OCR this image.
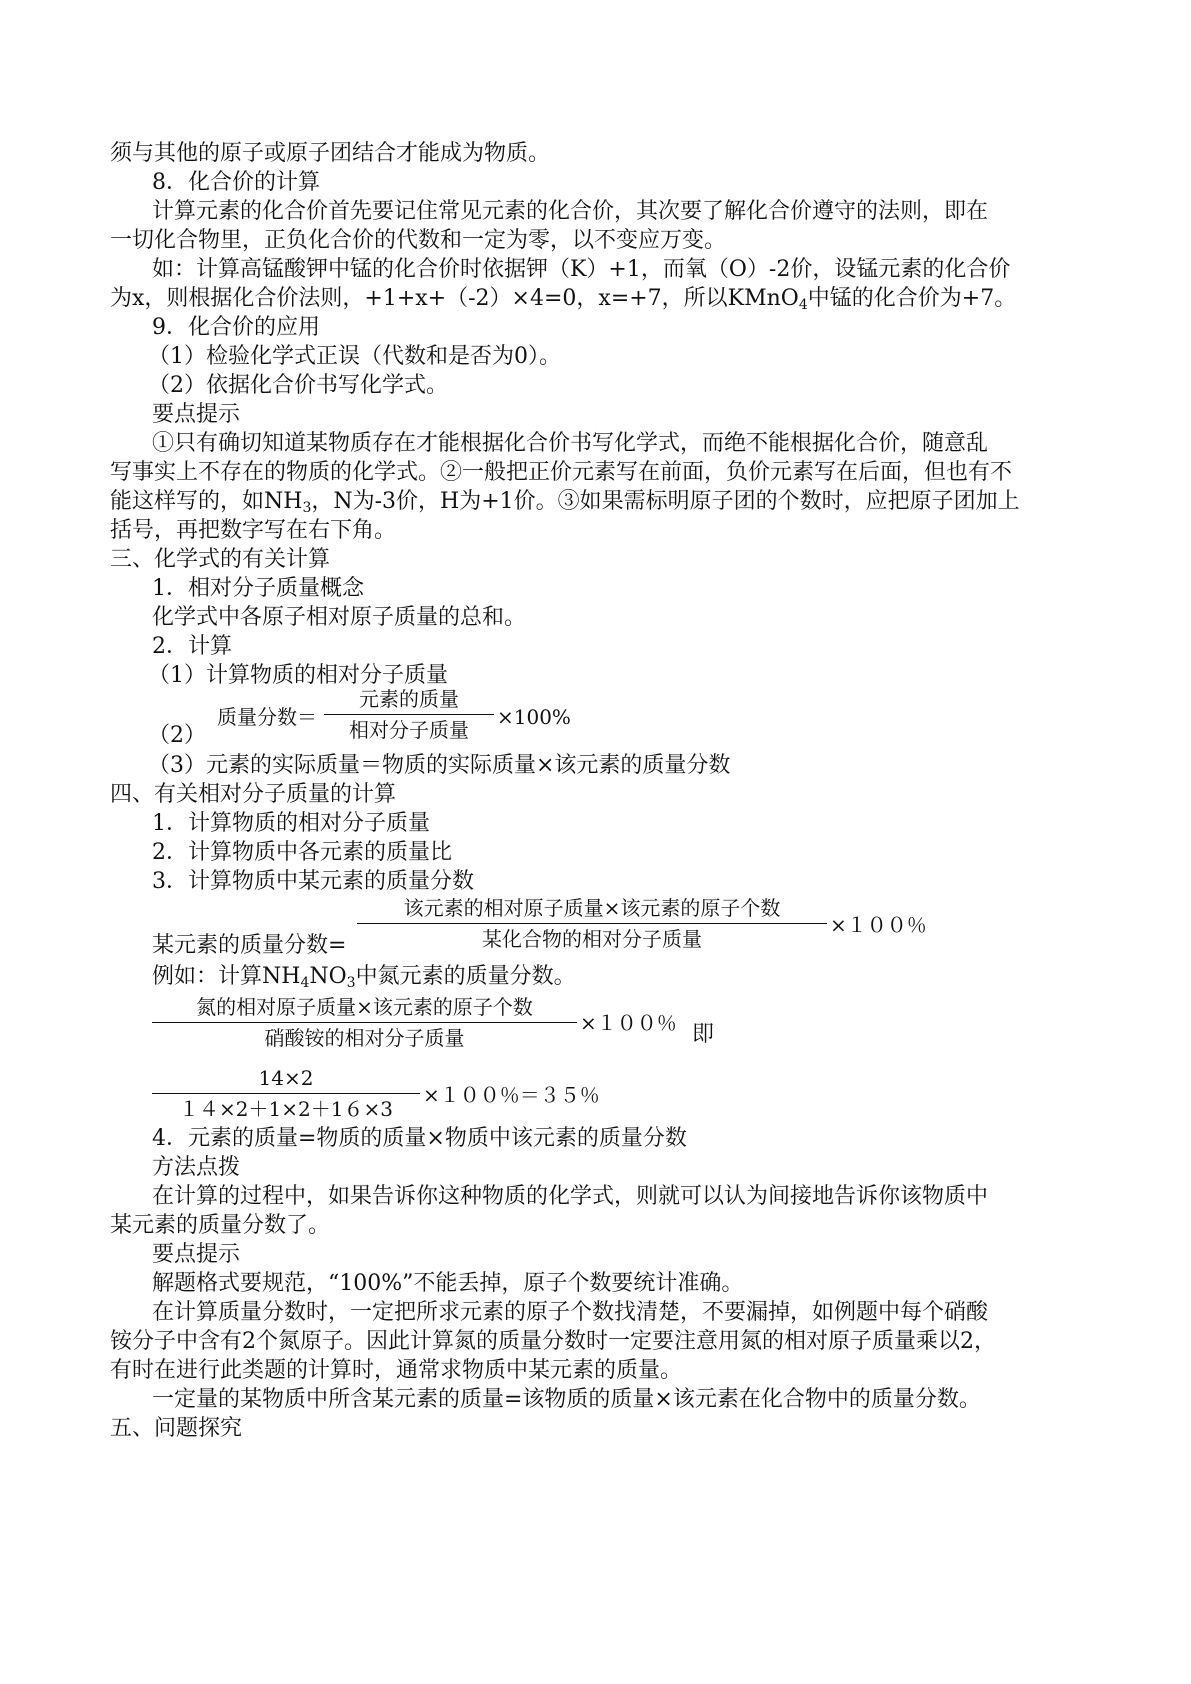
须与其他的原子或原子团结合才能成为物质。
8．化合价的计算
计算元素的化合价首先要记住常见元素的化合价，其次要了解化合价遵守的法则，即在
一切化合物里，正负化合价的代数和一定为零，以不变应万变。
如：计算高锰酸钾中锰的化合价时依据钾（K）+1，而氧（O）-2价，设锰元素的化合价
为x，则根据化合价法则，+1+x+（-2）×4=0，x=+7，所以KMnO$_4$中锰的化合价为+7。
9．化合价的应用
（1）检验化学式正误（代数和是否为0）。
（2）依据化合价书写化学式。
要点提示
①只有确切知道某物质存在才能根据化合价书写化学式，而绝不能根据化合价，随意乱
写事实上不存在的物质的化学式。②一般把正价元素写在前面，负价元素写在后面，但也有不
能这样写的，如$NH_3$，N为-3价，H为+1价。③如果需标明原子团的个数时，应把原子团加上
括号，再把数字写在右下角。
三、化学式的有关计算
1．相对分子质量概念
化学式中各原子相对原子质量的总和。
2．计算
（1）计算物质的相对分子质量
质量分数＝
元素的质量
相对分子质量
×100%
（2）
（3）元素的实际质量＝物质的实际质量×该元素的质量分数
四、有关相对分子质量的计算
1．计算物质的相对分子质量
2．计算物质中各元素的质量比
3．计算物质中某元素的质量分数
该元素的相对原子质量×该元素的原子个数
某化合物的相对分子质量
×１００％
某元素的质量分数=
例如：计算$NH_4NO_3$中氮元素的质量分数。
氮的相对原子质量×该元素的原子个数
硝酸铵的相对分子质量
×１００％ 即
14×2
１４×2＋1×2＋1６×3
×１００％＝３５％
4．元素的质量=物质的质量×物质中该元素的质量分数
方法点拨
在计算的过程中，如果告诉你这种物质的化学式，则就可以认为间接地告诉你该物质中
某元素的质量分数了。
要点提示
解题格式要规范，“100%”不能丢掉，原子个数要统计准确。
在计算质量分数时，一定把所求元素的原子个数找清楚，不要漏掉，如例题中每个硝酸
铵分子中含有2个氮原子。因此计算氮的质量分数时一定要注意用氮的相对原子质量乘以2，
有时在进行此类题的计算时，通常求物质中某元素的质量。
一定量的某物质中所含某元素的质量=该物质的质量×该元素在化合物中的质量分数。
五、问题探究
